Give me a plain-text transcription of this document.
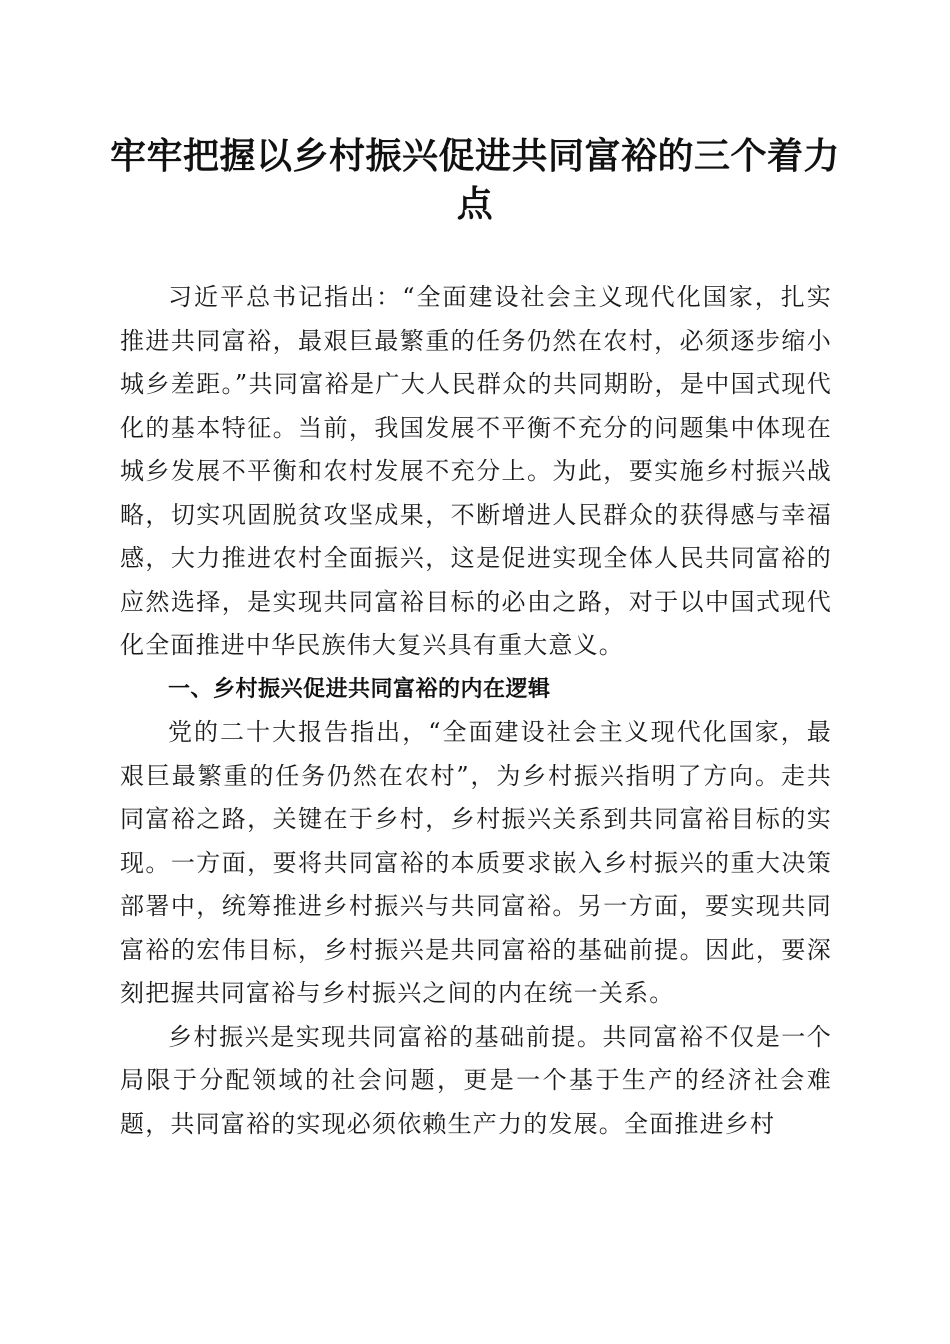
牢牢把握以乡村振兴促进共同富裕的三个着力点

习近平总书记指出：“全面建设社会主义现代化国家，扎实推进共同富裕，最艰巨最繁重的任务仍然在农村，必须逐步缩小城乡差距。”共同富裕是广大人民群众的共同期盼，是中国式现代化的基本特征。当前，我国发展不平衡不充分的问题集中体现在城乡发展不平衡和农村发展不充分上。为此，要实施乡村振兴战略，切实巩固脱贫攻坚成果，不断增进人民群众的获得感与幸福感，大力推进农村全面振兴，这是促进实现全体人民共同富裕的应然选择，是实现共同富裕目标的必由之路，对于以中国式现代化全面推进中华民族伟大复兴具有重大意义。

一、乡村振兴促进共同富裕的内在逻辑

党的二十大报告指出，“全面建设社会主义现代化国家，最艰巨最繁重的任务仍然在农村”，为乡村振兴指明了方向。走共同富裕之路，关键在于乡村，乡村振兴关系到共同富裕目标的实现。一方面，要将共同富裕的本质要求嵌入乡村振兴的重大决策部署中，统筹推进乡村振兴与共同富裕。另一方面，要实现共同富裕的宏伟目标，乡村振兴是共同富裕的基础前提。因此，要深刻把握共同富裕与乡村振兴之间的内在统一关系。

乡村振兴是实现共同富裕的基础前提。共同富裕不仅是一个局限于分配领域的社会问题，更是一个基于生产的经济社会难题，共同富裕的实现必须依赖生产力的发展。全面推进乡村
